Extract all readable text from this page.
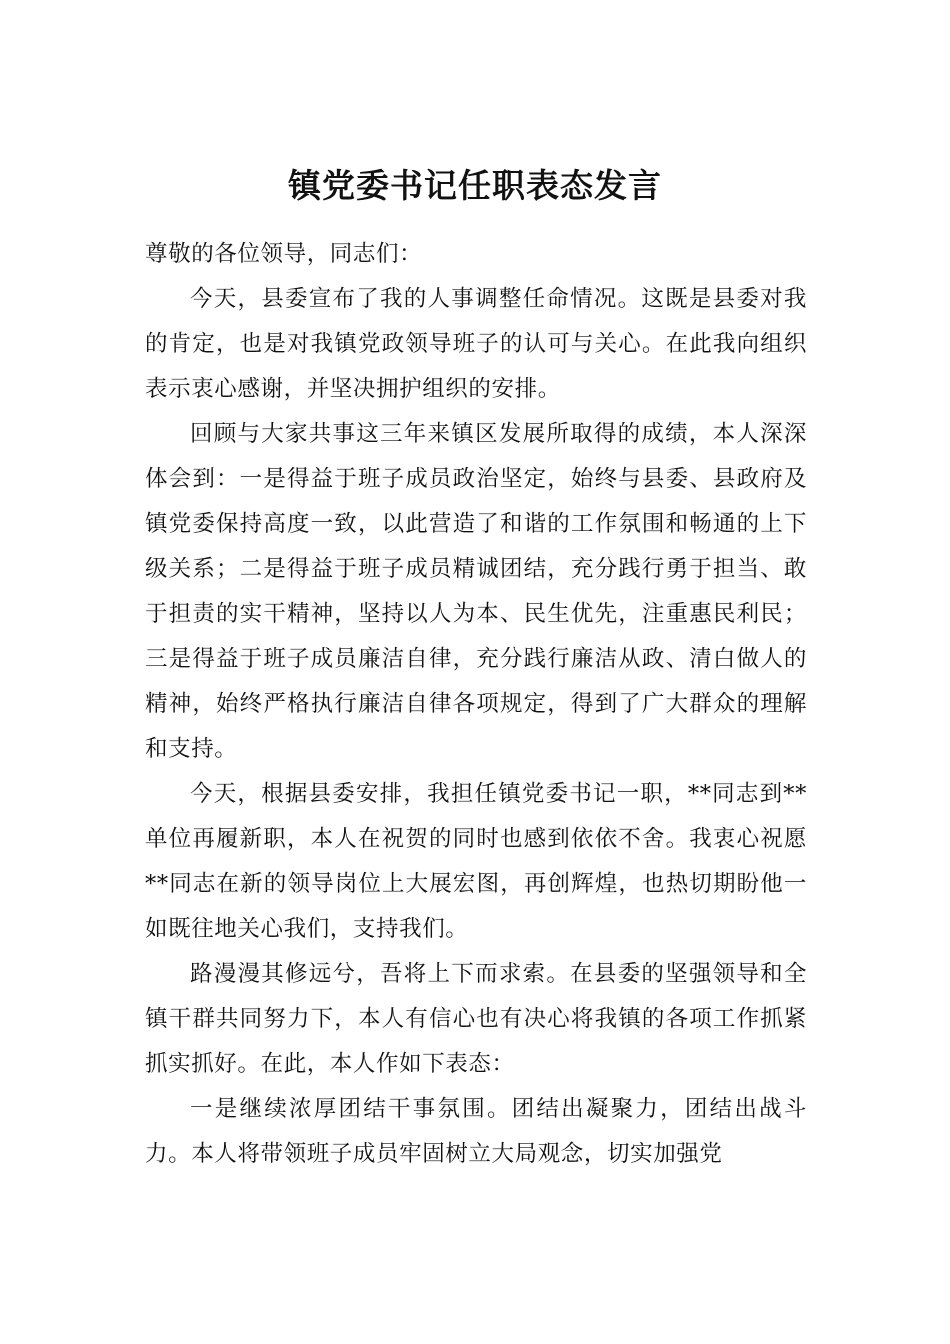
镇党委书记任职表态发言

尊敬的各位领导，同志们：

今天，县委宣布了我的人事调整任命情况。这既是县委对我的肯定，也是对我镇党政领导班子的认可与关心。在此我向组织表示衷心感谢，并坚决拥护组织的安排。

回顾与大家共事这三年来镇区发展所取得的成绩，本人深深体会到：一是得益于班子成员政治坚定，始终与县委、县政府及镇党委保持高度一致，以此营造了和谐的工作氛围和畅通的上下级关系；二是得益于班子成员精诚团结，充分践行勇于担当、敢于担责的实干精神，坚持以人为本、民生优先，注重惠民利民；三是得益于班子成员廉洁自律，充分践行廉洁从政、清白做人的精神，始终严格执行廉洁自律各项规定，得到了广大群众的理解和支持。

今天，根据县委安排，我担任镇党委书记一职，**同志到**单位再履新职，本人在祝贺的同时也感到依依不舍。我衷心祝愿**同志在新的领导岗位上大展宏图，再创辉煌，也热切期盼他一如既往地关心我们，支持我们。

路漫漫其修远兮，吾将上下而求索。在县委的坚强领导和全镇干群共同努力下，本人有信心也有决心将我镇的各项工作抓紧抓实抓好。在此，本人作如下表态：

一是继续浓厚团结干事氛围。团结出凝聚力，团结出战斗力。本人将带领班子成员牢固树立大局观念，切实加强党
